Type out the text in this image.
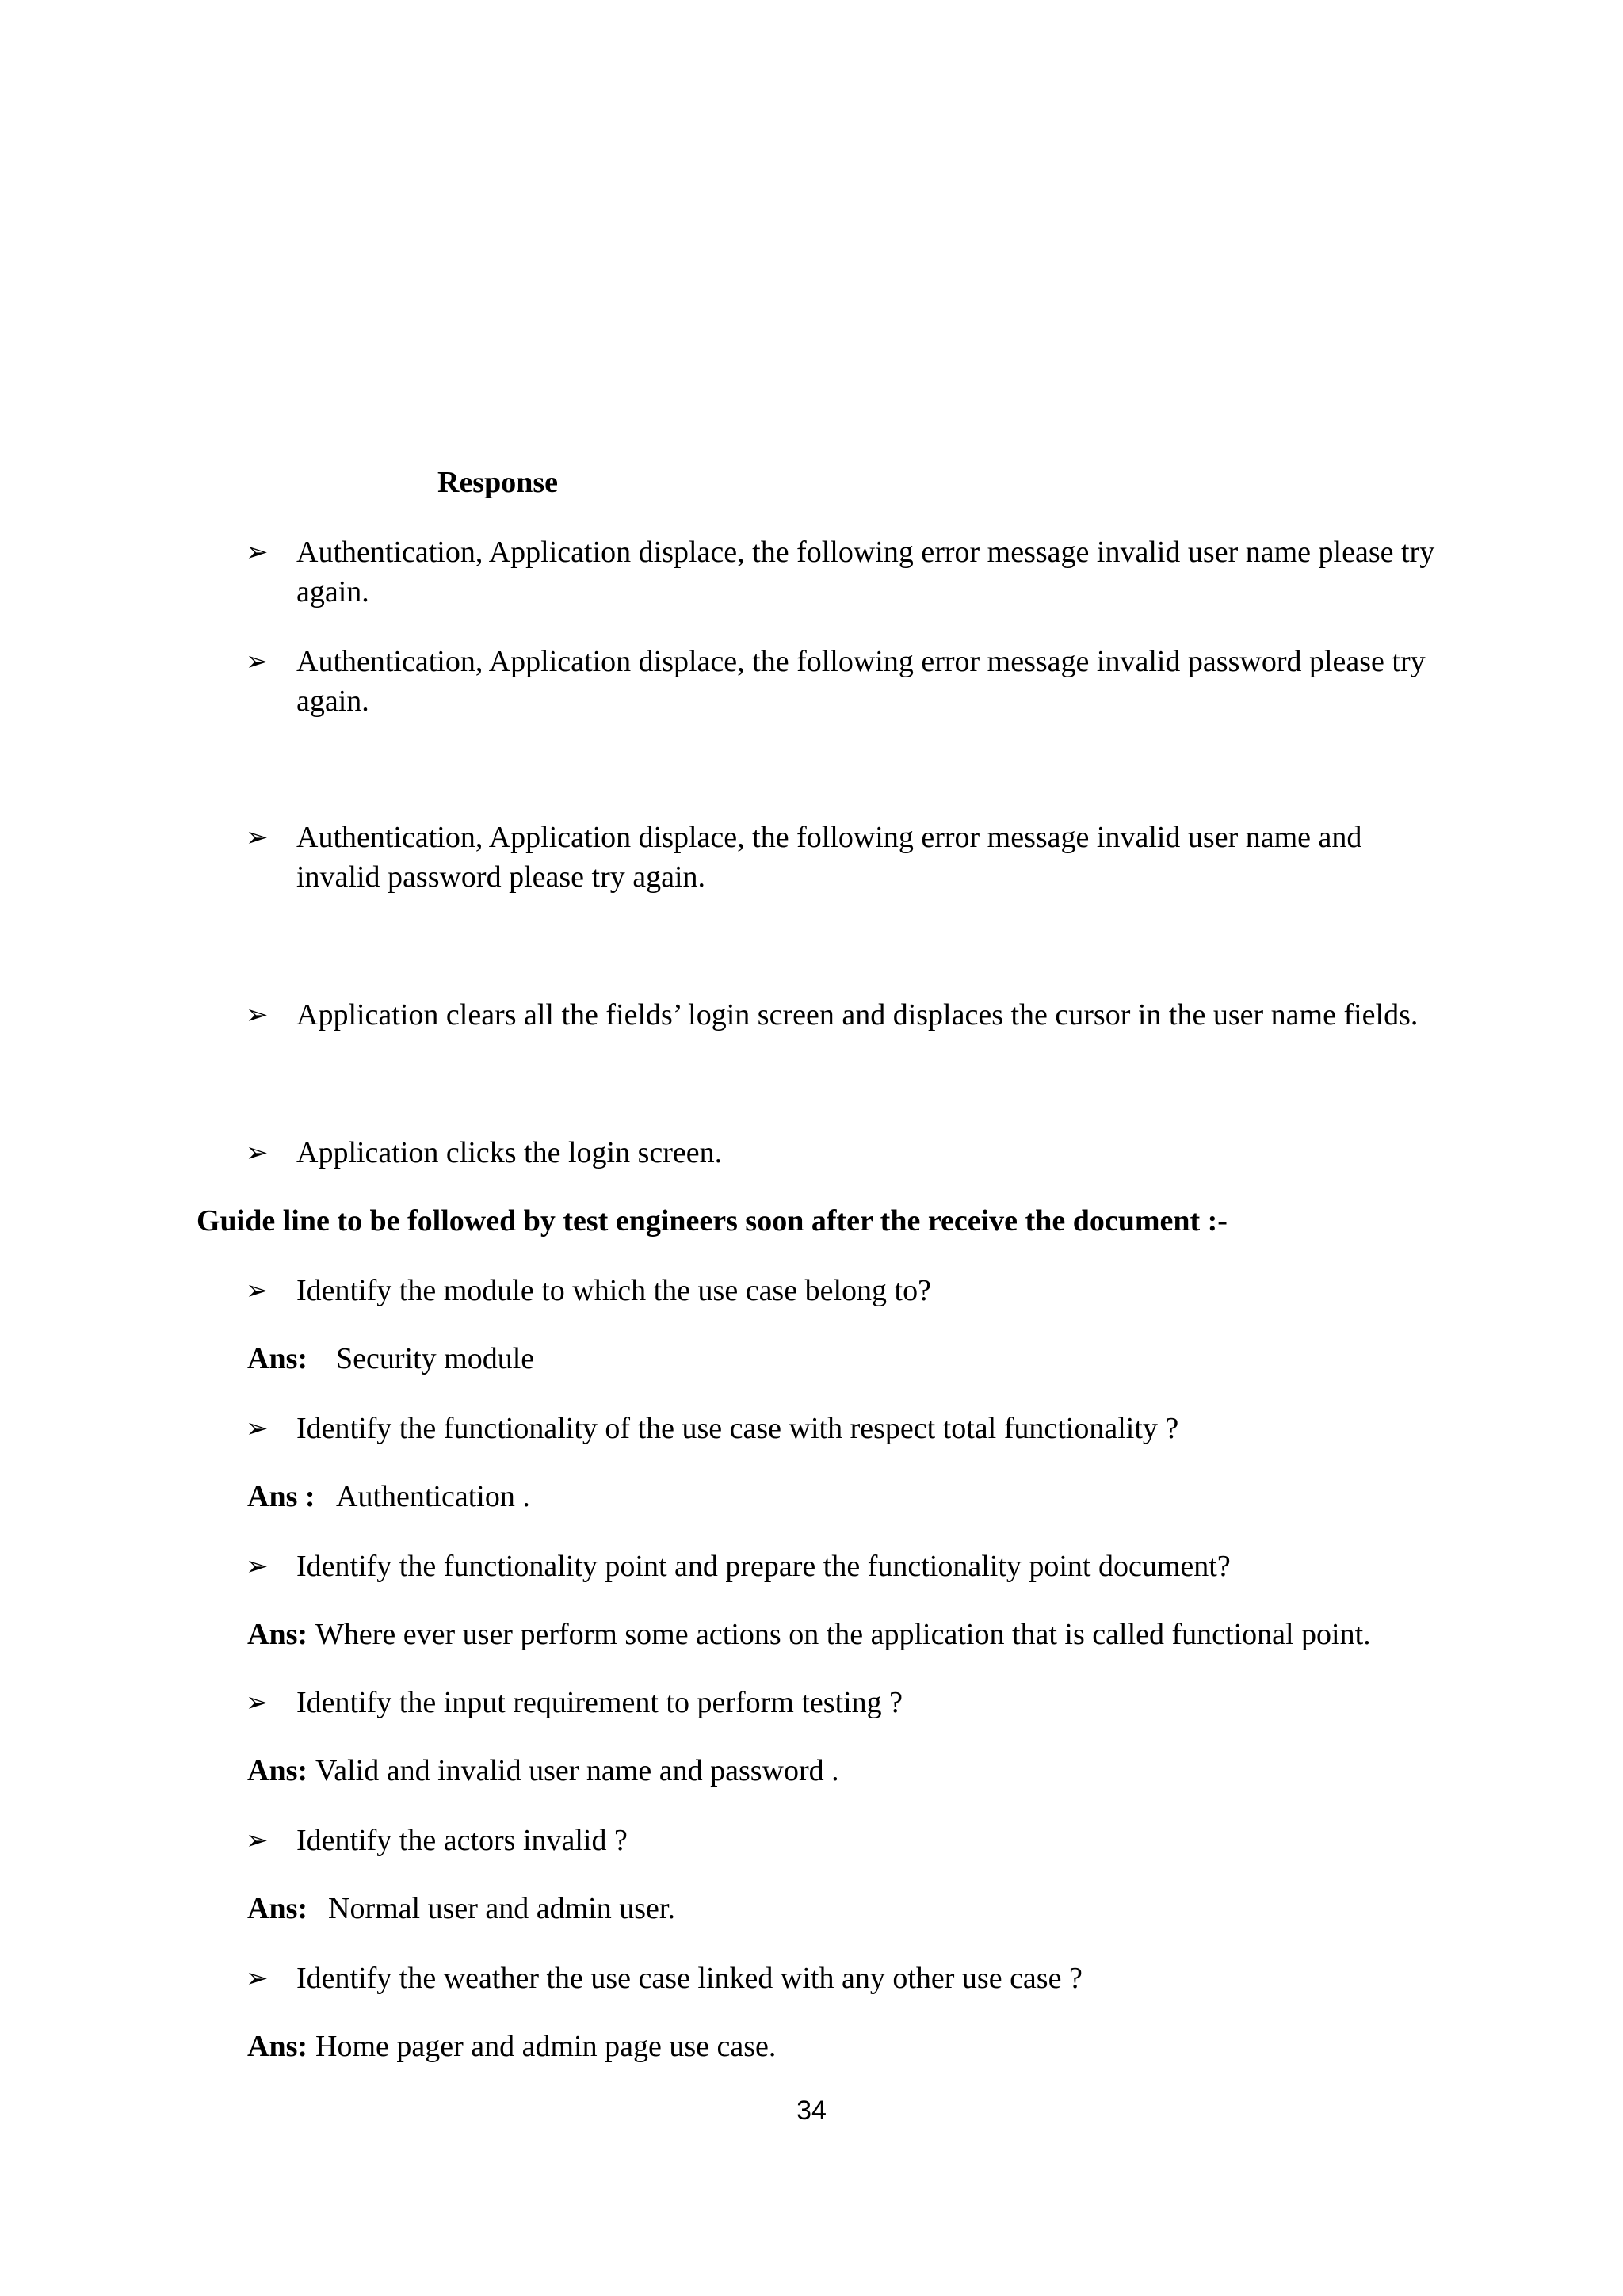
Response
➢ Authentication, Application displace, the following error message invalid user name please try again.
➢ Authentication, Application displace, the following error message invalid password please try again.
➢ Authentication, Application displace, the following error message invalid user name and invalid password please try again.
➢ Application clears all the fields’ login screen and displaces the cursor in the user name fields.
➢ Application clicks the login screen.
Guide line to be followed by test engineers soon after the receive the document :-
➢ Identify the module to which the use case belong to?
Ans: Security module
➢ Identify the functionality of the use case with respect total functionality ?
Ans : Authentication .
➢ Identify the functionality point and prepare the functionality point document?
Ans: Where ever user perform some actions on the application that is called functional point.
➢ Identify the input requirement to perform testing ?
Ans: Valid and invalid user name and password .
➢ Identify the actors invalid ?
Ans: Normal user and admin user.
➢ Identify the weather the use case linked with any other use case ?
Ans: Home pager and admin page use case.
34
